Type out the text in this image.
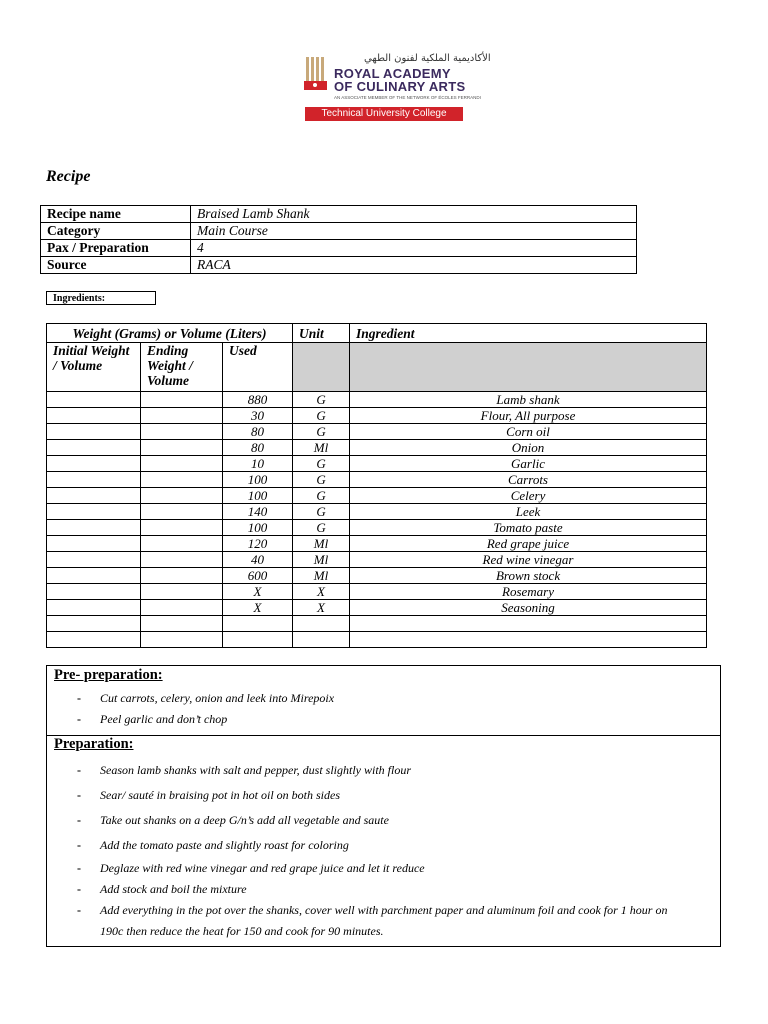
الأكاديمية الملكية لفنون الطهي
ROYAL ACADEMY
OF CULINARY ARTS
AN ASSOCIATE MEMBER OF THE NETWORK OF ÉCOLES FERRANDI
Technical University College
Recipe
Recipe name	Braised Lamb Shank
Category	Main Course
Pax / Preparation	4
Source	RACA
Ingredients:
Weight (Grams) or Volume (Liters)			Unit	Ingredient
Initial Weight / Volume	Ending Weight / Volume	Used		
		880	G	Lamb shank
		30	G	Flour, All purpose
		80	G	Corn oil
		80	Ml	Onion
		10	G	Garlic
		100	G	Carrots
		100	G	Celery
		140	G	Leek
		100	G	Tomato paste
		120	Ml	Red grape juice
		40	Ml	Red wine vinegar
		600	Ml	Brown stock
		X	X	Rosemary
		X	X	Seasoning

Pre- preparation:
- Cut carrots, celery, onion and leek into Mirepoix
- Peel garlic and don’t chop
Preparation:
- Season lamb shanks with salt and pepper, dust slightly with flour
- Sear/ sauté in braising pot in hot oil on both sides
- Take out shanks on a deep G/n’s add all vegetable and saute
- Add the tomato paste and slightly roast for coloring
- Deglaze with red wine vinegar and red grape juice and let it reduce
- Add stock and boil the mixture
- Add everything in the pot over the shanks, cover well with parchment paper and aluminum foil and cook for 1 hour on
190c then reduce the heat for 150 and cook for 90 minutes.
